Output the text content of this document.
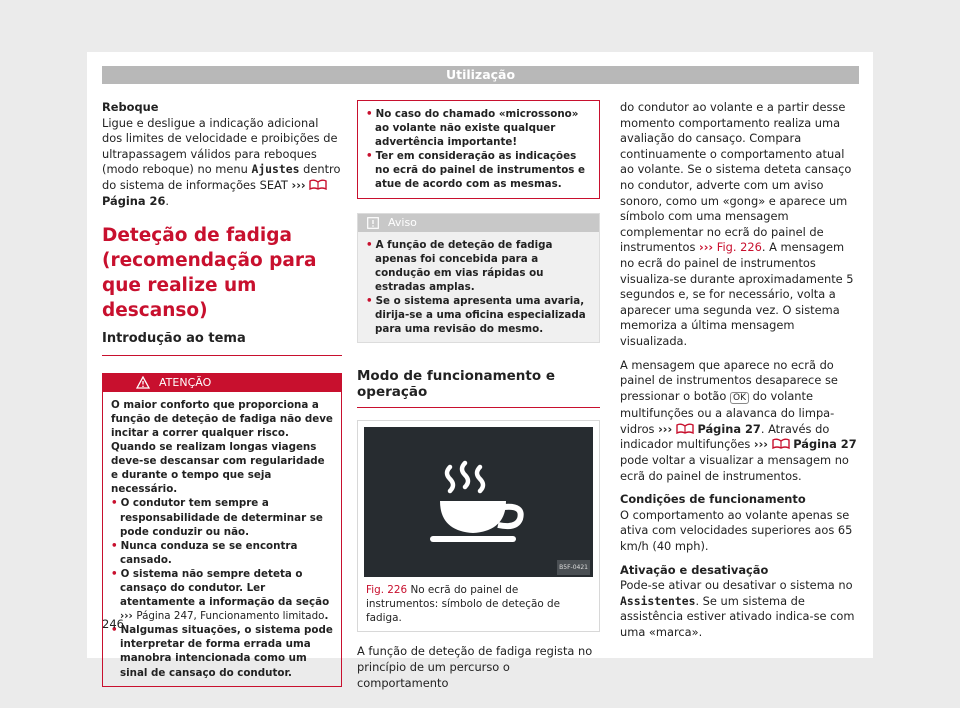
Utilização
Reboque
Ligue e desligue a indicação adicional dos limites de velocidade e proibições de ultrapassagem válidos para reboques (modo reboque) no menu Ajustes dentro do sistema de informações SEAT ›››
Página 26.
Deteção de fadiga (recomendação para que realize um descanso)
Introdução ao tema
ATENÇÃO
O maior conforto que proporciona a função de deteção de fadiga não deve incitar a correr qualquer risco. Quando se realizam longas viagens deve-se descansar com regularidade e durante o tempo que seja necessário.
• O condutor tem sempre a responsabilidade de determinar se pode conduzir ou não.
• Nunca conduza se se encontra cansado.
• O sistema não sempre deteta o cansaço do condutor. Ler atentamente a informação da seção ››› Página 247, Funcionamento limitado.
• Nalgumas situações, o sistema pode interpretar de forma errada uma manobra intencionada como um sinal de cansaço do condutor.
• No caso do chamado «microssono» ao volante não existe qualquer advertência importante!
• Ter em consideração as indicações no ecrã do painel de instrumentos e atue de acordo com as mesmas.
Aviso
• A função de deteção de fadiga apenas foi concebida para a condução em vias rápidas ou estradas amplas.
• Se o sistema apresenta uma avaria, dirija-se a uma oficina especializada para uma revisão do mesmo.
Modo de funcionamento e operação
B5F-0421
Fig. 226 No ecrã do painel de instrumentos: símbolo de deteção de fadiga.
A função de deteção de fadiga regista no princípio de um percurso o comportamento
do condutor ao volante e a partir desse momento comportamento realiza uma avaliação do cansaço. Compara continuamente o comportamento atual ao volante. Se o sistema deteta cansaço no condutor, adverte com um aviso sonoro, como um «gong» e aparece um símbolo com uma mensagem complementar no ecrã do painel de instrumentos ››› Fig. 226. A mensagem no ecrã do painel de instrumentos visualiza-se durante aproximadamente 5 segundos e, se for necessário, volta a aparecer uma segunda vez. O sistema memoriza a última mensagem visualizada.
A mensagem que aparece no ecrã do painel de instrumentos desaparece se pressionar o botão OK do volante multifunções ou a alavanca do limpa-vidros ››› Página 27. Através do indicador multifunções ››› Página 27 pode voltar a visualizar a mensagem no ecrã do painel de instrumentos.
Condições de funcionamento
O comportamento ao volante apenas se ativa com velocidades superiores aos 65 km/h (40 mph).
Ativação e desativação
Pode-se ativar ou desativar o sistema no Assistentes. Se um sistema de assistência estiver ativado indica-se com uma «marca».
246
